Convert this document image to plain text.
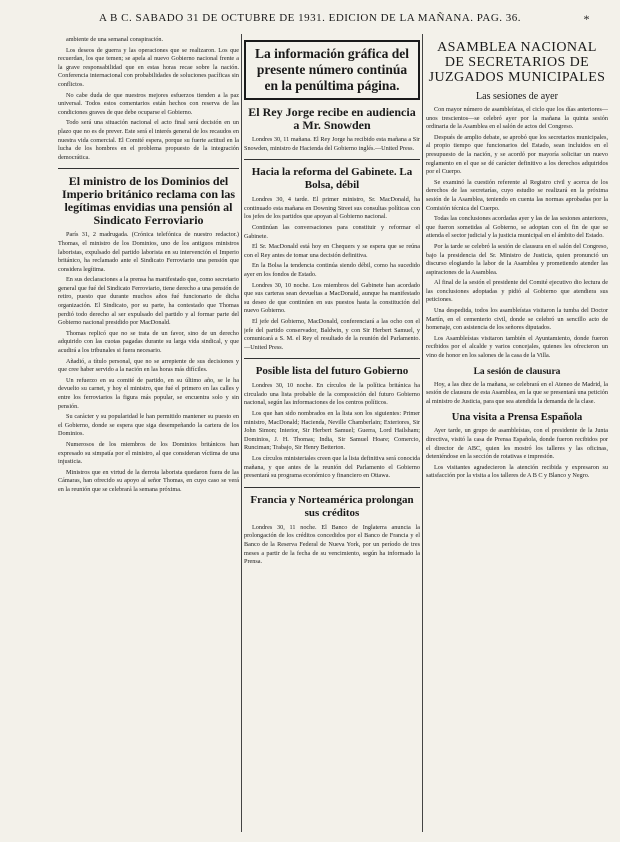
A B C. SABADO 31 DE OCTUBRE DE 1931. EDICION DE LA MAÑANA. PAG. 36.	*

ambiente de una semanal conspiración.

Los deseos de guerra y las operaciones que se realizaron. Los que recuerdan, los que temen; se apela al nuevo Gobierno nacional frente a la grave responsabilidad que en estas horas recae sobre la nación. Conferencia internacional con probabilidades de soluciones pacíficas sin conflictos.

No cabe duda de que nuestros mejores esfuerzos tienden a la paz universal. Todos estos comentarios están hechos con reserva de las condiciones graves de que debe ocuparse el Gobierno.

Todo será una situación nacional el acto final será decisión en un plazo que no es de prever. Este será el interés general de los recaudos en nuestra vida comercial. El Comité espera, porque su fuerte actitud en la lucha de los hombres en el problema propuesto de la integración democrática.

El ministro de los Dominios del Imperio británico reclama con las legítimas envidias una pensión al Sindicato Ferroviario

París 31, 2 madrugada. (Crónica telefónica de nuestro redactor.) Thomas, el ministro de los Dominios, uno de los antiguos ministros laboristas, expulsado del partido laborista en su intervención el Imperio británico, ha reclamado ante el Sindicato Ferroviario una pensión que considera legítima.

En sus declaraciones a la prensa ha manifestado que, como secretario general que fué del Sindicato Ferroviario, tiene derecho a una pensión de retiro, puesto que durante muchos años fué funcionario de dicha organización. El Sindicato, por su parte, ha contestado que Thomas perdió todo derecho al ser expulsado del partido y al formar parte del Gobierno nacional presidido por MacDonald.

Thomas replicó que no se trata de un favor, sino de un derecho adquirido con las cuotas pagadas durante su larga vida sindical, y que acudirá a los tribunales si fuera necesario.

Añadió, a título personal, que no se arrepiente de sus decisiones y que cree haber servido a la nación en las horas más difíciles.

Un refuerzo en su comité de partido, en su último año, se le ha devuelto su carnet, y hoy el ministro, que fué el primero en las calles y entre los ferroviarios la figura más popular, se encuentra solo y sin pensión.

Su carácter y su popularidad le han permitido mantener su puesto en el Gobierno, donde se espera que siga desempeñando la cartera de los Dominios.

Numerosos de los miembros de los Dominios británicos han expresado su simpatía por el ministro, al que consideran víctima de una injusticia.

Ministros que en virtud de la derrota laborista quedaron fuera de las Cámaras, han ofrecido su apoyo al señor Thomas, en cuyo caso se verá en la reunión que se celebrará la semana próxima.

La información gráfica del presente número continúa en la penúltima página.
El Rey Jorge recibe en audiencia a Mr. Snowden

Londres 30, 11 mañana. El Rey Jorge ha recibido esta mañana a Sir Snowden, ministro de Hacienda del Gobierno inglés.—United Press.

Hacia la reforma del Gabinete. La Bolsa, débil

Londres 30, 4 tarde. El primer ministro, Sr. MacDonald, ha continuado esta mañana en Downing Street sus consultas políticas con los jefes de los partidos que apoyan al Gobierno nacional.

Continúan las conversaciones para constituir y reformar el Gabinete.

El Sr. MacDonald está hoy en Chequers y se espera que se reúna con el Rey antes de tomar una decisión definitiva.

En la Bolsa la tendencia continúa siendo débil, como ha sucedido ayer en los fondos de Estado.

Londres 30, 10 noche. Los miembros del Gabinete han acordado que sus carteras sean devueltas a MacDonald, aunque ha manifestado su deseo de que continúen en sus puestos hasta la constitución del nuevo Gobierno.

El jefe del Gobierno, MacDonald, conferenciará a las ocho con el jefe del partido conservador, Baldwin, y con Sir Herbert Samuel, y comunicará a S. M. el Rey el resultado de la reunión del Parlamento.—United Press.

Posible lista del futuro Gobierno

Londres 30, 10 noche. En círculos de la política británica ha circulado una lista probable de la composición del futuro Gobierno nacional, según las informaciones de los centros políticos.

Los que han sido nombrados en la lista son los siguientes: Primer ministro, MacDonald; Hacienda, Neville Chamberlain; Exteriores, Sir John Simon; Interior, Sir Herbert Samuel; Guerra, Lord Hailsham; Dominios, J. H. Thomas; India, Sir Samuel Hoare; Comercio, Runciman; Trabajo, Sir Henry Betterton.

Los círculos ministeriales creen que la lista definitiva será conocida mañana, y que antes de la reunión del Parlamento el Gobierno presentará su programa económico y financiero en Ottawa.

Francia y Norteamérica prolongan sus créditos

Londres 30, 11 noche. El Banco de Inglaterra anuncia la prolongación de los créditos concedidos por el Banco de Francia y el Banco de la Reserva Federal de Nueva York, por un período de tres meses a partir de la fecha de su vencimiento, según ha informado la Prensa.

ASAMBLEA NACIONAL DE SECRETARIOS DE JUZGADOS MUNICIPALES
Las sesiones de ayer

Con mayor número de asambleístas, el ciclo que los días anteriores—unos trescientos—se celebró ayer por la mañana la quinta sesión ordinaria de la Asamblea en el salón de actos del Congreso.

Después de amplio debate, se aprobó que los secretarios municipales, al propio tiempo que funcionarios del Estado, sean incluidos en el presupuesto de la nación, y se acordó por mayoría solicitar un nuevo reglamento en el que se dé carácter definitivo a los derechos adquiridos por el Cuerpo.

Se examinó la cuestión referente al Registro civil y acerca de los derechos de las secretarías, cuyo estudio se realizará en la próxima sesión de la Asamblea, teniendo en cuenta las normas aprobadas por la Comisión técnica del Cuerpo.

Todas las conclusiones acordadas ayer y las de las sesiones anteriores, que fueron sometidas al Gobierno, se adoptan con el fin de que se atienda el sector judicial y la justicia municipal en el ámbito del Estado.

Por la tarde se celebró la sesión de clausura en el salón del Congreso, bajo la presidencia del Sr. Ministro de Justicia, quien pronunció un discurso elogiando la labor de la Asamblea y prometiendo atender las aspiraciones de la Asamblea.

Al final de la sesión el presidente del Comité ejecutivo dio lectura de las conclusiones adoptadas y pidió al Gobierno que atendiera sus peticiones.

Una despedida, todos los asambleístas visitaron la tumba del Doctor Martín, en el cementerio civil, donde se celebró un sencillo acto de homenaje, con asistencia de los señores diputados.

Los Asambleístas visitaron también el Ayuntamiento, donde fueron recibidos por el alcalde y varios concejales, quienes les ofrecieron un vino de honor en los salones de la casa de la Villa.

La sesión de clausura

Hoy, a las diez de la mañana, se celebrará en el Ateneo de Madrid, la sesión de clausura de esta Asamblea, en la que se presentará una petición al ministro de Justicia, para que sea atendida la demanda de la clase.

Una visita a Prensa Española

Ayer tarde, un grupo de asambleístas, con el presidente de la Junta directiva, visitó la casa de Prensa Española, donde fueron recibidos por el director de ABC, quien les mostró los talleres y las oficinas, deteniéndose en la sección de rotativas e impresión.

Los visitantes agradecieron la atención recibida y expresaron su satisfacción por la visita a los talleres de A B C y Blanco y Negro.
